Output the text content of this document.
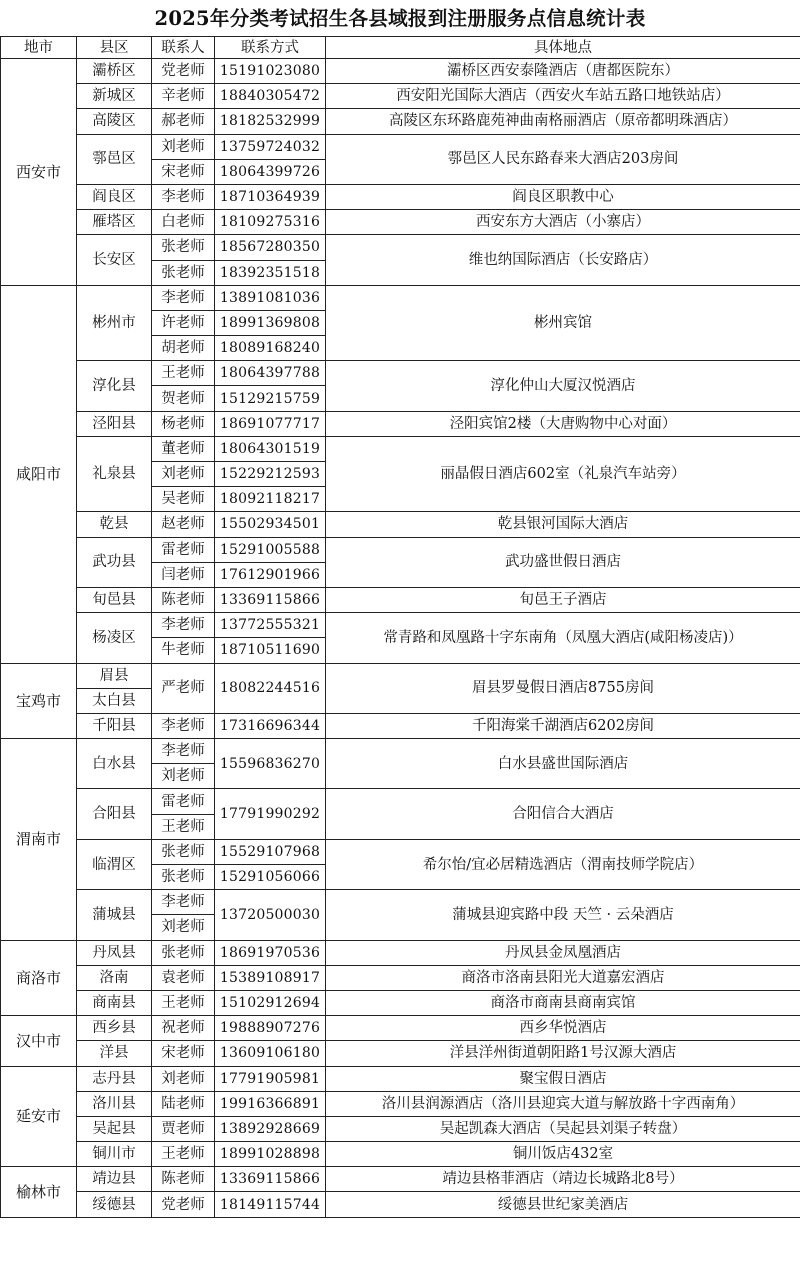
2025年分类考试招生各县域报到注册服务点信息统计表
地市	县区	联系人	联系方式	具体地点
西安市	灞桥区	党老师	15191023080	灞桥区西安泰隆酒店（唐都医院东）
	新城区	辛老师	18840305472	西安阳光国际大酒店（西安火车站五路口地铁站店）
	高陵区	郝老师	18182532999	高陵区东环路鹿苑神曲南格丽酒店（原帝都明珠酒店）
	鄠邑区	刘老师	13759724032	鄠邑区人民东路春来大酒店203房间
		宋老师	18064399726	
	阎良区	李老师	18710364939	阎良区职教中心
	雁塔区	白老师	18109275316	西安东方大酒店（小寨店）
	长安区	张老师	18567280350	维也纳国际酒店（长安路店）
		张老师	18392351518	
咸阳市	彬州市	李老师	13891081036	彬州宾馆
		许老师	18991369808	
		胡老师	18089168240	
	淳化县	王老师	18064397788	淳化仲山大厦汉悦酒店
		贺老师	15129215759	
	泾阳县	杨老师	18691077717	泾阳宾馆2楼（大唐购物中心对面）
	礼泉县	董老师	18064301519	丽晶假日酒店602室（礼泉汽车站旁）
		刘老师	15229212593	
		吴老师	18092118217	
	乾县	赵老师	15502934501	乾县银河国际大酒店
	武功县	雷老师	15291005588	武功盛世假日酒店
		闫老师	17612901966	
	旬邑县	陈老师	13369115866	旬邑王子酒店
	杨凌区	李老师	13772555321	常青路和凤凰路十字东南角（凤凰大酒店(咸阳杨凌店)）
		牛老师	18710511690	
宝鸡市	眉县	严老师	18082244516	眉县罗曼假日酒店8755房间
	太白县			
	千阳县	李老师	17316696344	千阳海棠千湖酒店6202房间
渭南市	白水县	李老师	15596836270	白水县盛世国际酒店
		刘老师		
	合阳县	雷老师	17791990292	合阳信合大酒店
		王老师		
	临渭区	张老师	15529107968	希尔怡/宜必居精选酒店（渭南技师学院店）
		张老师	15291056066	
	蒲城县	李老师	13720500030	蒲城县迎宾路中段 天竺 · 云朵酒店
		刘老师		
商洛市	丹凤县	张老师	18691970536	丹凤县金凤凰酒店
	洛南	袁老师	15389108917	商洛市洛南县阳光大道嘉宏酒店
	商南县	王老师	15102912694	商洛市商南县商南宾馆
汉中市	西乡县	祝老师	19888907276	西乡华悦酒店
	洋县	宋老师	13609106180	洋县洋州街道朝阳路1号汉源大酒店
延安市	志丹县	刘老师	17791905981	聚宝假日酒店
	洛川县	陆老师	19916366891	洛川县润源酒店（洛川县迎宾大道与解放路十字西南角）
	吴起县	贾老师	13892928669	吴起凯森大酒店（吴起县刘渠子转盘）
	铜川市	王老师	18991028898	铜川饭店432室
榆林市	靖边县	陈老师	13369115866	靖边县格菲酒店（靖边长城路北8号）
	绥德县	党老师	18149115744	绥德县世纪家美酒店
